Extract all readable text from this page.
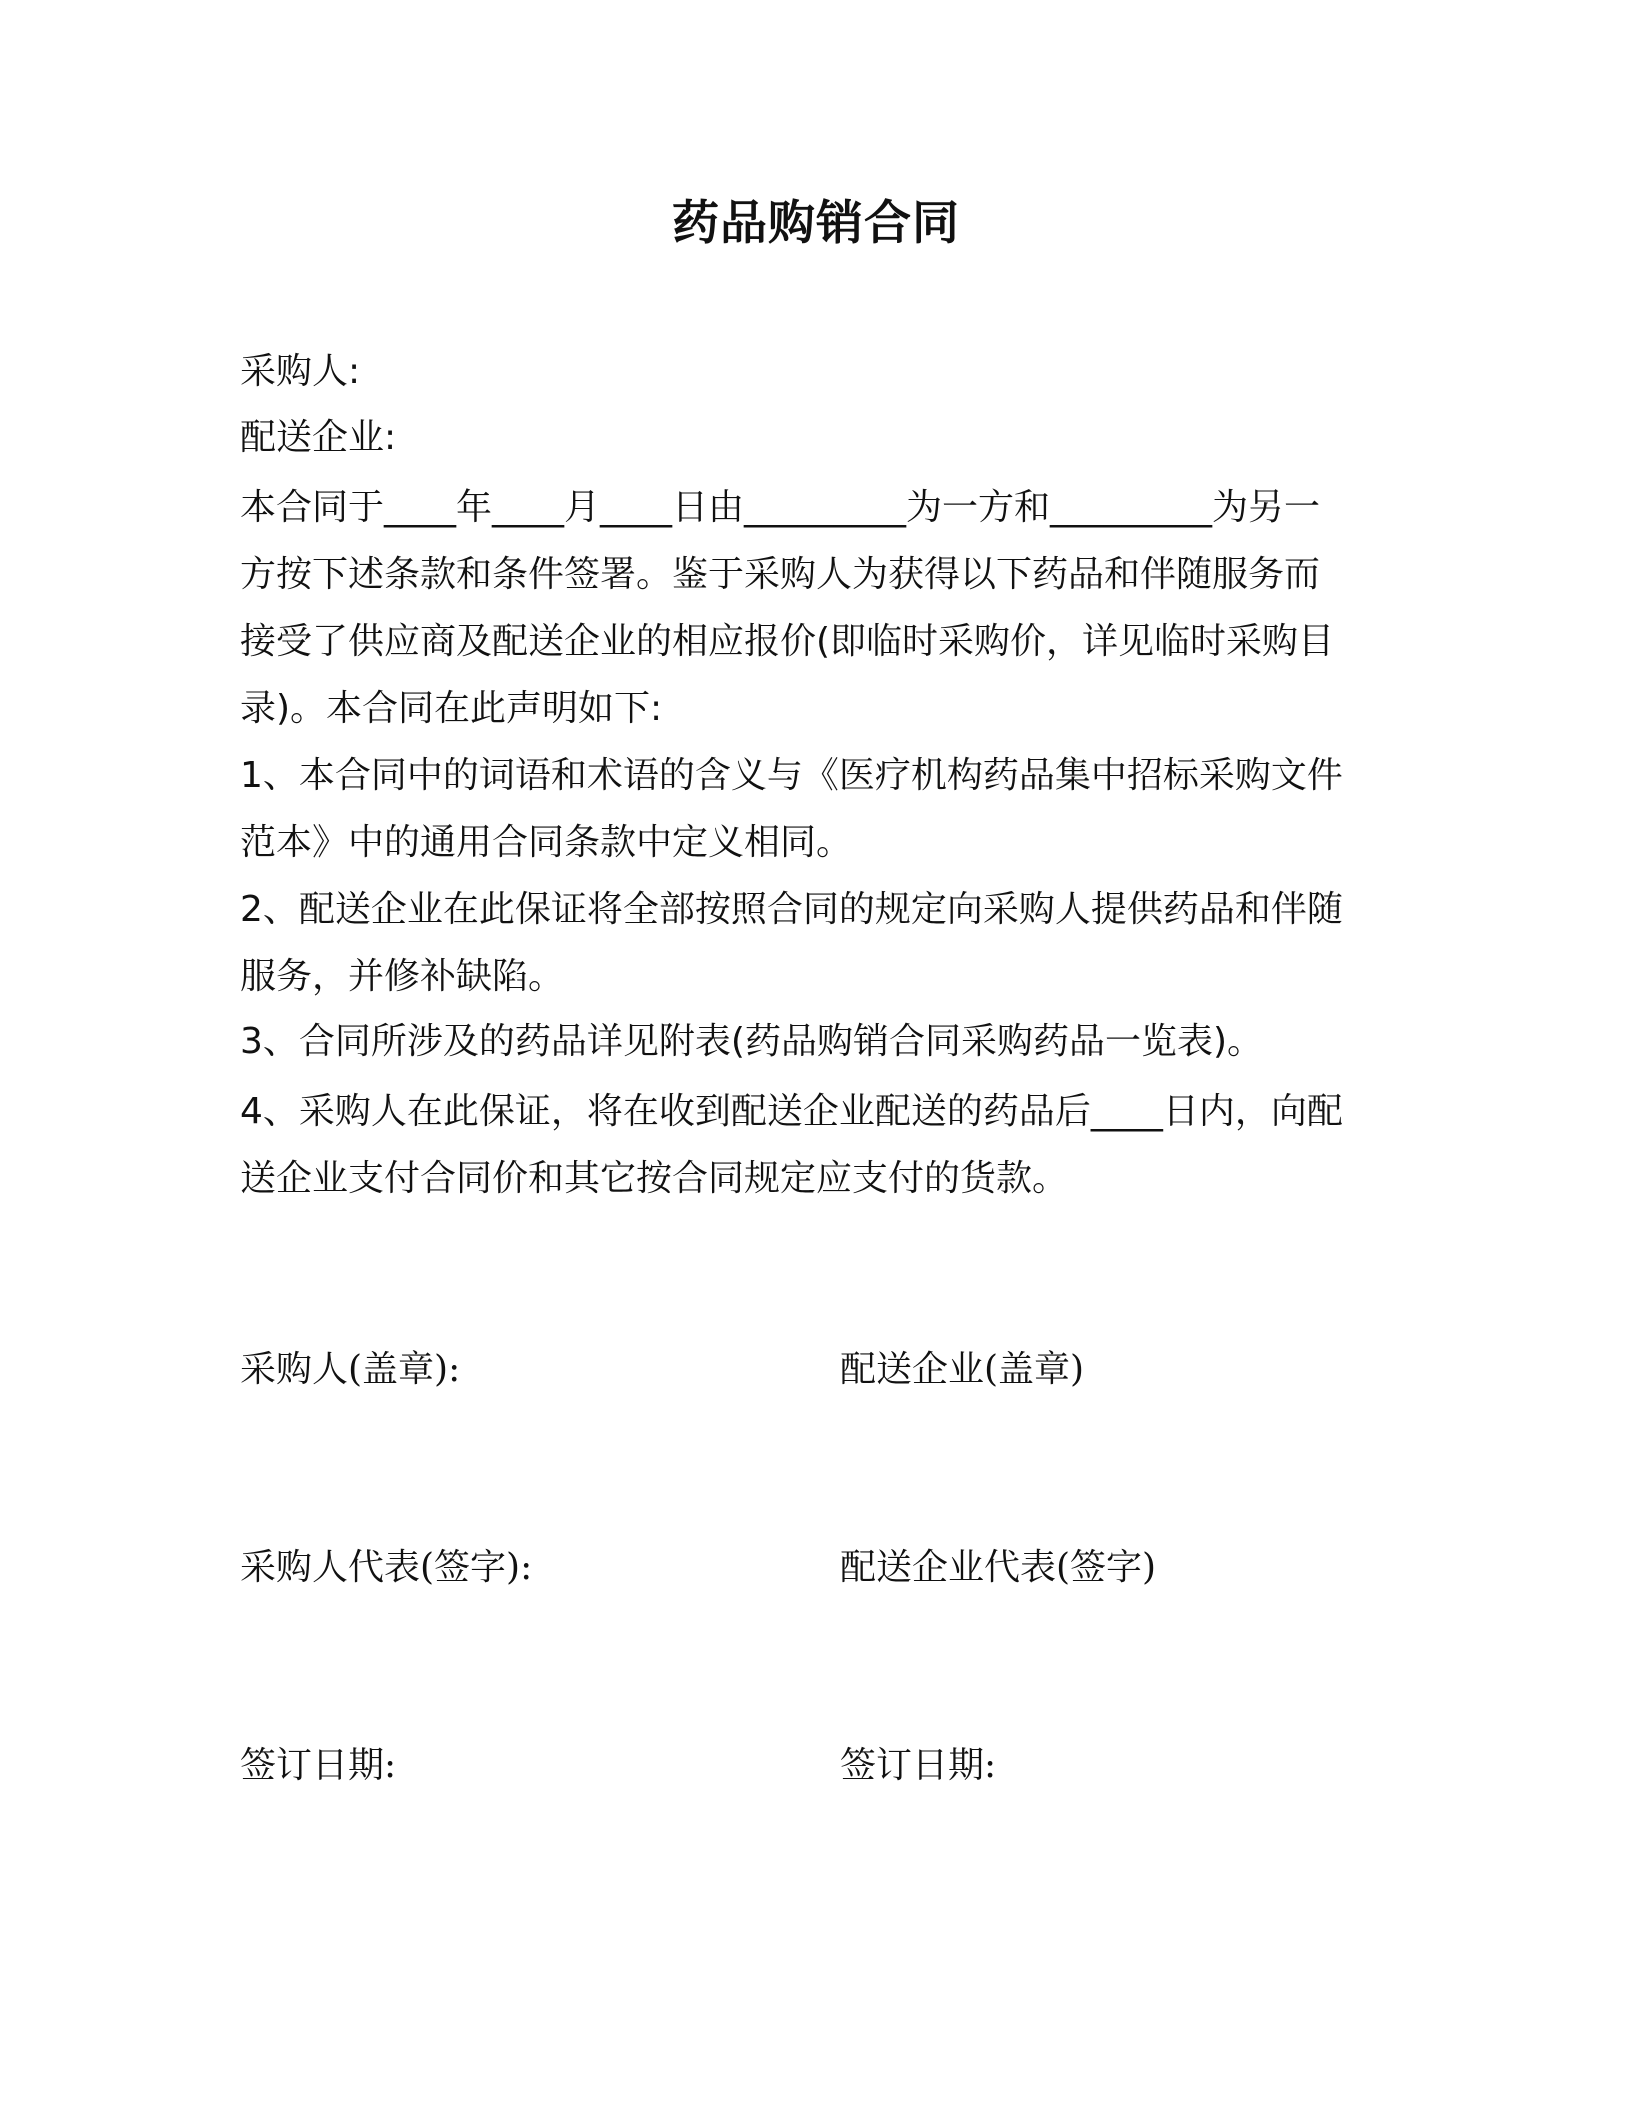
药品购销合同
采购人:
配送企业:
本合同于____年____月____日由_________为一方和_________为另一
方按下述条款和条件签署。鉴于采购人为获得以下药品和伴随服务而
接受了供应商及配送企业的相应报价(即临时采购价，详见临时采购目
录)。本合同在此声明如下:
1、本合同中的词语和术语的含义与《医疗机构药品集中招标采购文件
范本》中的通用合同条款中定义相同。
2、配送企业在此保证将全部按照合同的规定向采购人提供药品和伴随
服务，并修补缺陷。
3、合同所涉及的药品详见附表(药品购销合同采购药品一览表)。
4、采购人在此保证，将在收到配送企业配送的药品后____日内，向配
送企业支付合同价和其它按合同规定应支付的货款。

采购人(盖章):

采购人代表(签字):

签订日期:

配送企业(盖章)

配送企业代表(签字)

签订日期:
